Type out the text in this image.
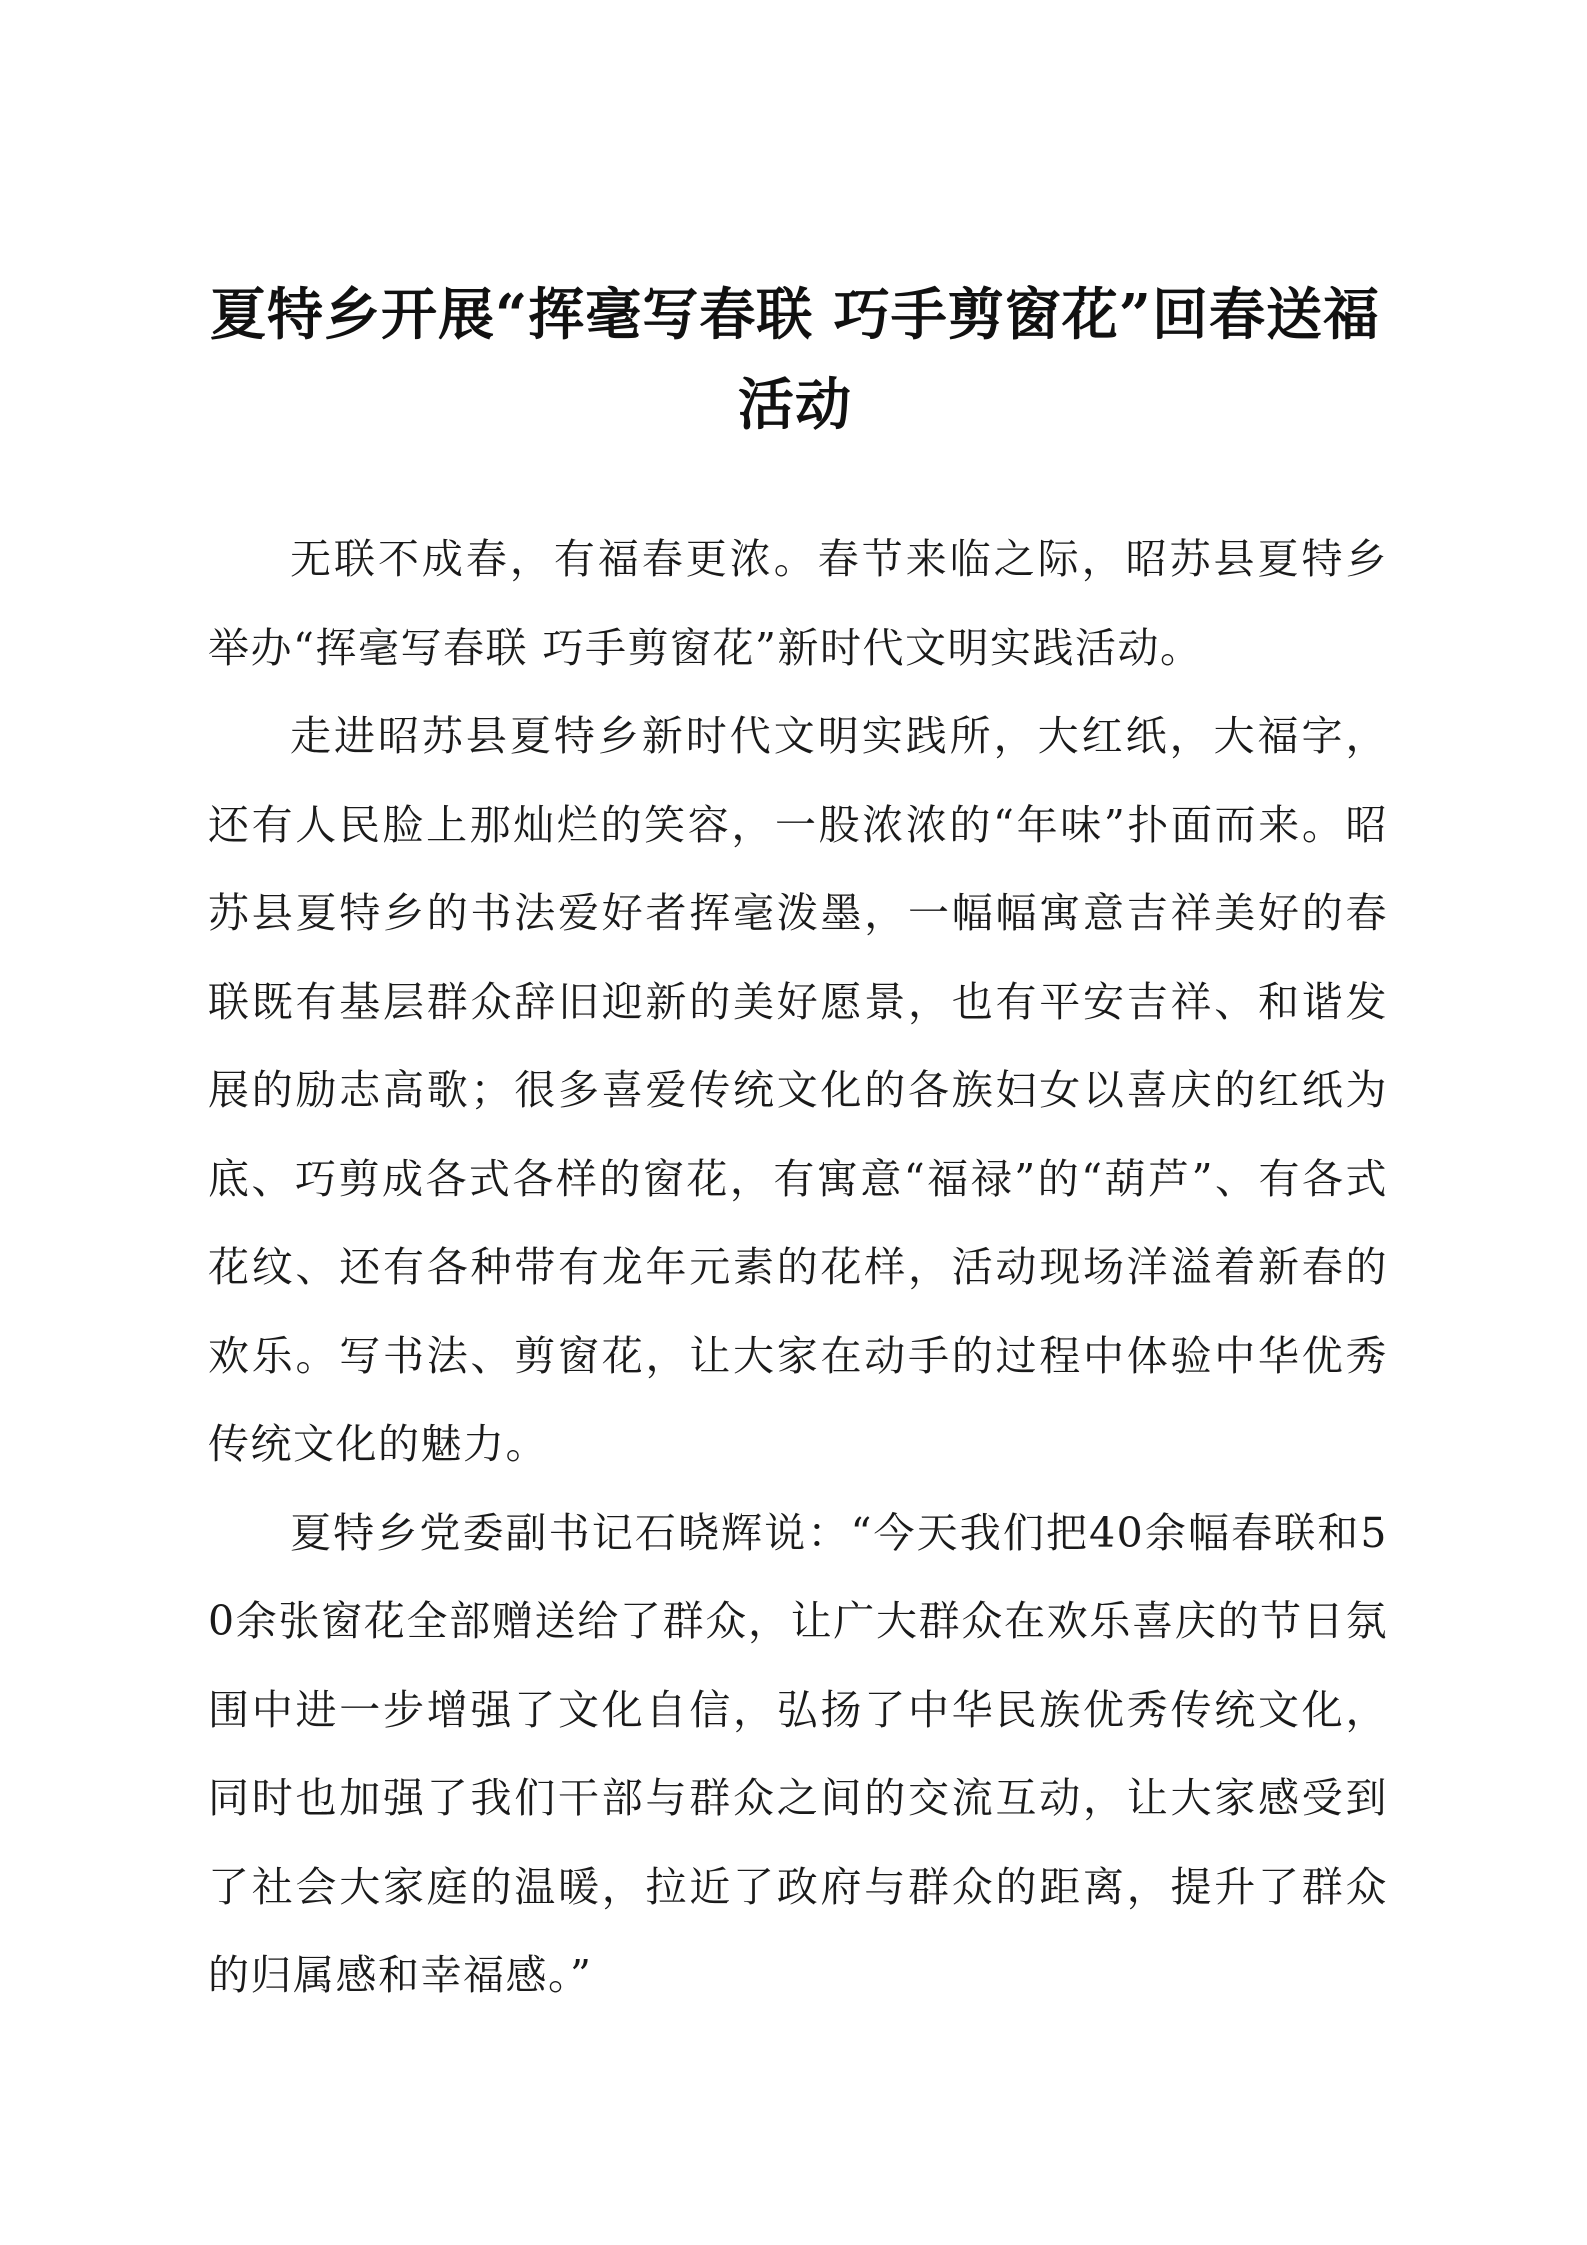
夏特乡开展“挥毫写春联 巧手剪窗花”回春送福活动

无联不成春，有福春更浓。春节来临之际，昭苏县夏特乡举办“挥毫写春联 巧手剪窗花”新时代文明实践活动。

走进昭苏县夏特乡新时代文明实践所，大红纸，大福字，还有人民脸上那灿烂的笑容，一股浓浓的“年味”扑面而来。昭苏县夏特乡的书法爱好者挥毫泼墨，一幅幅寓意吉祥美好的春联既有基层群众辞旧迎新的美好愿景，也有平安吉祥、和谐发展的励志高歌；很多喜爱传统文化的各族妇女以喜庆的红纸为底、巧剪成各式各样的窗花，有寓意“福禄”的“葫芦”、有各式花纹、还有各种带有龙年元素的花样，活动现场洋溢着新春的欢乐。写书法、剪窗花，让大家在动手的过程中体验中华优秀传统文化的魅力。

夏特乡党委副书记石晓辉说：“今天我们把40余幅春联和50余张窗花全部赠送给了群众，让广大群众在欢乐喜庆的节日氛围中进一步增强了文化自信，弘扬了中华民族优秀传统文化，同时也加强了我们干部与群众之间的交流互动，让大家感受到了社会大家庭的温暖，拉近了政府与群众的距离，提升了群众的归属感和幸福感。”
